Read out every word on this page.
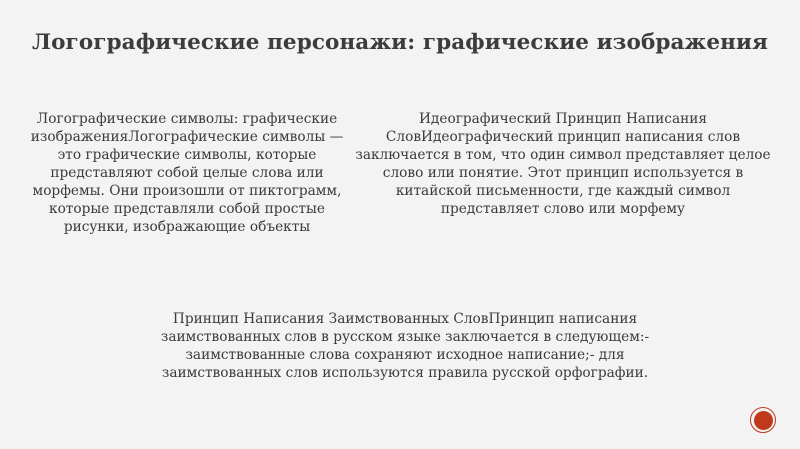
Логографические персонажи: графические изображения

Логографические символы: графические изображенияЛогографические символы — это графические символы, которые представляют собой целые слова или морфемы. Они произошли от пиктограмм, которые представляли собой простые рисунки, изображающие объекты

Идеографический Принцип Написания СловИдеографический принцип написания слов заключается в том, что один символ представляет целое слово или понятие. Этот принцип используется в китайской письменности, где каждый символ представляет слово или морфему

Принцип Написания Заимствованных СловПринцип написания заимствованных слов в русском языке заключается в следующем:- заимствованные слова сохраняют исходное написание;- для заимствованных слов используются правила русской орфографии.
